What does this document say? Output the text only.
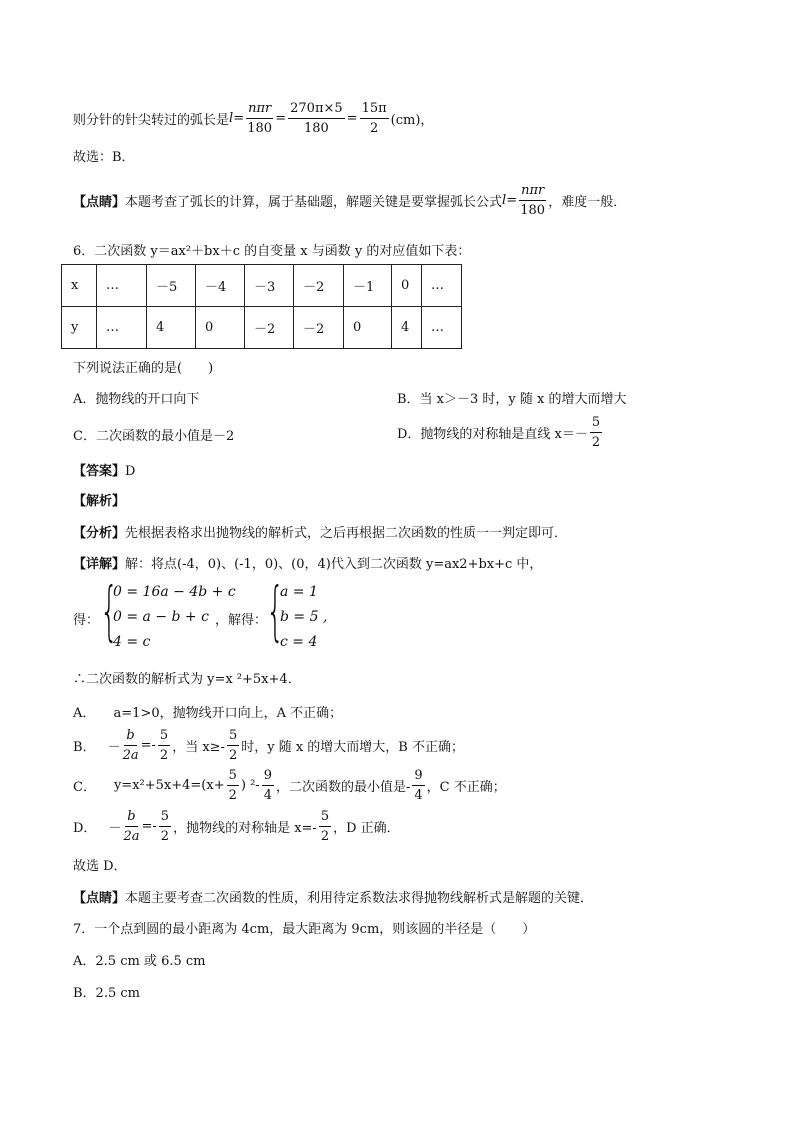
则分针的针尖转过的弧长是 $l = \frac{\text{nπr}}{180} = \frac{270\pi\times 5}{180} = \frac{15\pi}{2} (cm)$，
故选：B．
【点睛】 本题考查了弧长的计算，属于基础题，解题关键是要掌握弧长公式 $l = \frac{\text{nπr}}{180}$ ，难度一般．
6．二次函数 y＝ax²＋bx＋c 的自变量 x 与函数 y 的对应值如下表：
x	…	－5	－4	－3	－2	－1	0	…
y	…	4	0	－2	－2	0	4	…
下列说法正确的是(　　)
A．抛物线的开口向下	B．当 x＞－3 时，y 随 x 的增大而增大
C．二次函数的最小值是－2	D．抛物线的对称轴是直线 $x=- \frac{5}{2}$
【答案】D
【解析】
【分析】先根据表格求出抛物线的解析式，之后再根据二次函数的性质一一判定即可．
【详解】解：将点(-4，0)、(-1，0)、(0，4)代入到二次函数 y=ax2+bx+c 中，
得： {
0 = 16a − 4b + c
0 = a − b + c
4 = c
，解得：
{
a = 1
b = 5 ,
c = 4
∴二次函数的解析式为 y=x ²+5x+4．
A． a=1>0，抛物线开口向上，A 不正确；
B． － $\frac{b}{2a} =- \frac{5}{2}$ ，当 $x\ge- \frac{5}{2}$ 时，y 随 x 的增大而增大，B 不正确；
C． $y=x^2+5x+4=(x+ \frac{5}{2}$ ) $^2- \frac{9}{4}$ ，二次函数的最小值是- $\frac{9}{4}$ ，C 不正确；
D． － $\frac{b}{2a} =- \frac{5}{2}$ ，抛物线的对称轴是 $x=- \frac{5}{2}$ ，D 正确．
故选 D．
【点睛】本题主要考查二次函数的性质，利用待定系数法求得抛物线解析式是解题的关键．
7．一个点到圆的最小距离为 4cm，最大距离为 9cm，则该圆的半径是（　　）
A．2.5 cm 或 6.5 cm
B．2.5 cm
